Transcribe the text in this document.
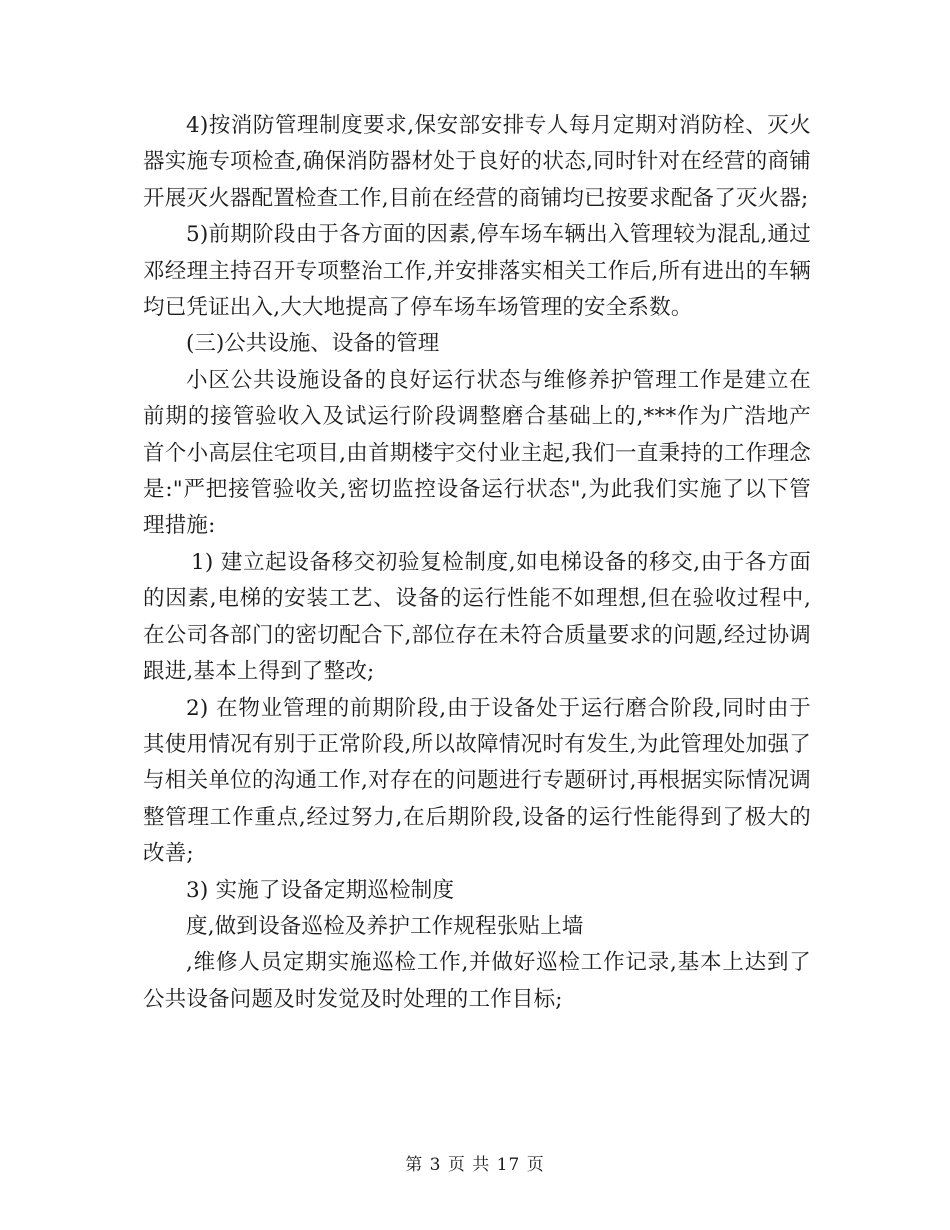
4)按消防管理制度要求,保安部安排专人每月定期对消防栓、灭火器实施专项检查,确保消防器材处于良好的状态,同时针对在经营的商铺开展灭火器配置检查工作,目前在经营的商铺均已按要求配备了灭火器;

5)前期阶段由于各方面的因素,停车场车辆出入管理较为混乱,通过邓经理主持召开专项整治工作,并安排落实相关工作后,所有进出的车辆均已凭证出入,大大地提高了停车场车场管理的安全系数。

(三)公共设施、设备的管理

小区公共设施设备的良好运行状态与维修养护管理工作是建立在前期的接管验收入及试运行阶段调整磨合基础上的,***作为广浩地产首个小高层住宅项目,由首期楼宇交付业主起,我们一直秉持的工作理念是:"严把接管验收关,密切监控设备运行状态",为此我们实施了以下管理措施:

1) 建立起设备移交初验复检制度,如电梯设备的移交,由于各方面的因素,电梯的安装工艺、设备的运行性能不如理想,但在验收过程中,在公司各部门的密切配合下,部位存在未符合质量要求的问题,经过协调跟进,基本上得到了整改;

2) 在物业管理的前期阶段,由于设备处于运行磨合阶段,同时由于其使用情况有别于正常阶段,所以故障情况时有发生,为此管理处加强了与相关单位的沟通工作,对存在的问题进行专题研讨,再根据实际情况调整管理工作重点,经过努力,在后期阶段,设备的运行性能得到了极大的改善;

3) 实施了设备定期巡检制度

度,做到设备巡检及养护工作规程张贴上墙

,维修人员定期实施巡检工作,并做好巡检工作记录,基本上达到了公共设备问题及时发觉及时处理的工作目标;

第 3 页 共 17 页
